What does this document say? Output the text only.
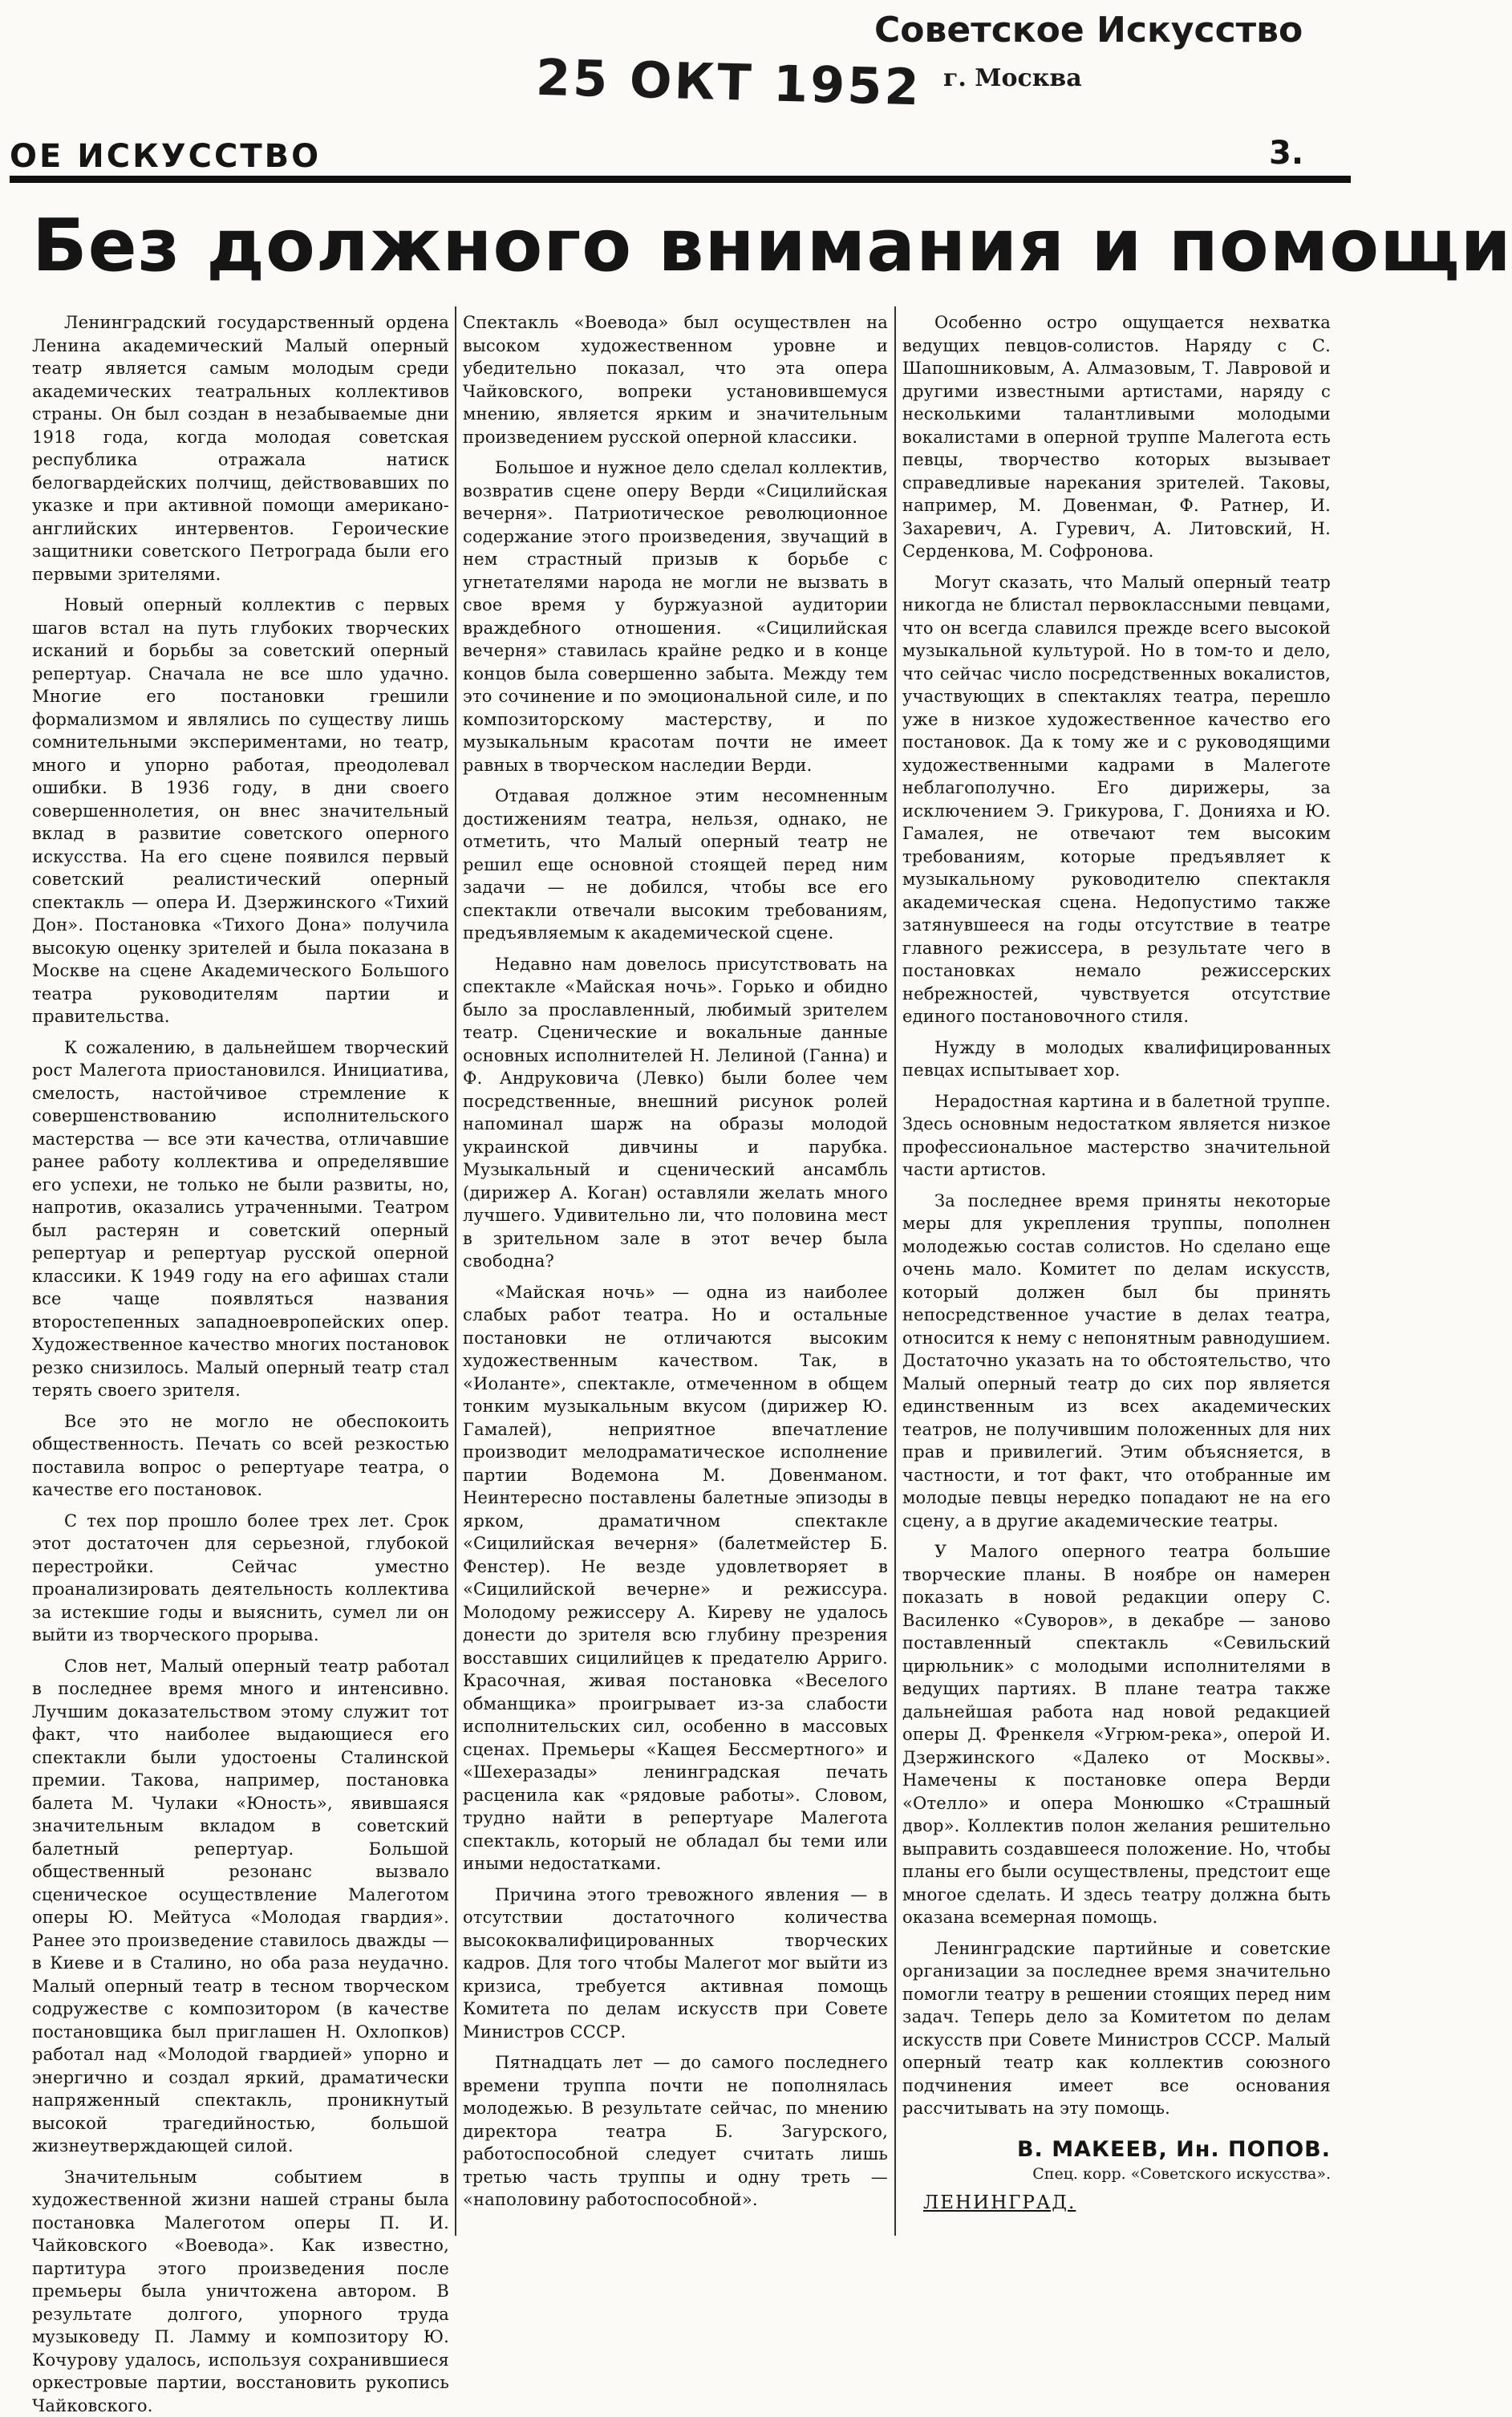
25 ОКТ 1952
Советское Искусство
г. Москва
ОЕ ИСКУССТВО	3.
Без должного внимания и помощи

Ленинградский государственный ордена Ленина академический Малый оперный театр является самым молодым среди академических театральных коллективов страны. Он был создан в незабываемые дни 1918 года, когда молодая советская республика отражала натиск белогвардейских полчищ, действовавших по указке и при активной помощи американо-английских интервентов. Героические защитники советского Петрограда были его первыми зрителями.

Новый оперный коллектив с первых шагов встал на путь глубоких творческих исканий и борьбы за советский оперный репертуар. Сначала не все шло удачно. Многие его постановки грешили формализмом и являлись по существу лишь сомнительными экспериментами, но театр, много и упорно работая, преодолевал ошибки. В 1936 году, в дни своего совершеннолетия, он внес значительный вклад в развитие советского оперного искусства. На его сцене появился первый советский реалистический оперный спектакль — опера И. Дзержинского «Тихий Дон». Постановка «Тихого Дона» получила высокую оценку зрителей и была показана в Москве на сцене Академического Большого театра руководителям партии и правительства.

К сожалению, в дальнейшем творческий рост Малегота приостановился. Инициатива, смелость, настойчивое стремление к совершенствованию исполнительского мастерства — все эти качества, отличавшие ранее работу коллектива и определявшие его успехи, не только не были развиты, но, напротив, оказались утраченными. Театром был растерян и советский оперный репертуар и репертуар русской оперной классики. К 1949 году на его афишах стали все чаще появляться названия второстепенных западноевропейских опер. Художественное качество многих постановок резко снизилось. Малый оперный театр стал терять своего зрителя.

Все это не могло не обеспокоить общественность. Печать со всей резкостью поставила вопрос о репертуаре театра, о качестве его постановок.

С тех пор прошло более трех лет. Срок этот достаточен для серьезной, глубокой перестройки. Сейчас уместно проанализировать деятельность коллектива за истекшие годы и выяснить, сумел ли он выйти из творческого прорыва.

Слов нет, Малый оперный театр работал в последнее время много и интенсивно. Лучшим доказательством этому служит тот факт, что наиболее выдающиеся его спектакли были удостоены Сталинской премии. Такова, например, постановка балета М. Чулаки «Юность», явившаяся значительным вкладом в советский балетный репертуар. Большой общественный резонанс вызвало сценическое осуществление Малеготом оперы Ю. Мейтуса «Молодая гвардия». Ранее это произведение ставилось дважды — в Киеве и в Сталино, но оба раза неудачно. Малый оперный театр в тесном творческом содружестве с композитором (в качестве постановщика был приглашен Н. Охлопков) работал над «Молодой гвардией» упорно и энергично и создал яркий, драматически напряженный спектакль, проникнутый высокой трагедийностью, большой жизнеутверждающей силой.

Значительным событием в художественной жизни нашей страны была постановка Малеготом оперы П. И. Чайковского «Воевода». Как известно, партитура этого произведения после премьеры была уничтожена автором. В результате долгого, упорного труда музыковеду П. Ламму и композитору Ю. Кочурову удалось, используя сохранившиеся оркестровые партии, восстановить рукопись Чайковского.

Спектакль «Воевода» был осуществлен на высоком художественном уровне и убедительно показал, что эта опера Чайковского, вопреки установившемуся мнению, является ярким и значительным произведением русской оперной классики.

Большое и нужное дело сделал коллектив, возвратив сцене оперу Верди «Сицилийская вечерня». Патриотическое революционное содержание этого произведения, звучащий в нем страстный призыв к борьбе с угнетателями народа не могли не вызвать в свое время у буржуазной аудитории враждебного отношения. «Сицилийская вечерня» ставилась крайне редко и в конце концов была совершенно забыта. Между тем это сочинение и по эмоциональной силе, и по композиторскому мастерству, и по музыкальным красотам почти не имеет равных в творческом наследии Верди.

Отдавая должное этим несомненным достижениям театра, нельзя, однако, не отметить, что Малый оперный театр не решил еще основной стоящей перед ним задачи — не добился, чтобы все его спектакли отвечали высоким требованиям, предъявляемым к академической сцене.

Недавно нам довелось присутствовать на спектакле «Майская ночь». Горько и обидно было за прославленный, любимый зрителем театр. Сценические и вокальные данные основных исполнителей Н. Лелиной (Ганна) и Ф. Андруковича (Левко) были более чем посредственные, внешний рисунок ролей напоминал шарж на образы молодой украинской дивчины и парубка. Музыкальный и сценический ансамбль (дирижер А. Коган) оставляли желать много лучшего. Удивительно ли, что половина мест в зрительном зале в этот вечер была свободна?

«Майская ночь» — одна из наиболее слабых работ театра. Но и остальные постановки не отличаются высоким художественным качеством. Так, в «Иоланте», спектакле, отмеченном в общем тонким музыкальным вкусом (дирижер Ю. Гамалей), неприятное впечатление производит мелодраматическое исполнение партии Водемона М. Довенманом. Неинтересно поставлены балетные эпизоды в ярком, драматичном спектакле «Сицилийская вечерня» (балетмейстер Б. Фенстер). Не везде удовлетворяет в «Сицилийской вечерне» и режиссура. Молодому режиссеру А. Киреву не удалось донести до зрителя всю глубину презрения восставших сицилийцев к предателю Арриго. Красочная, живая постановка «Веселого обманщика» проигрывает из-за слабости исполнительских сил, особенно в массовых сценах. Премьеры «Кащея Бессмертного» и «Шехеразады» ленинградская печать расценила как «рядовые работы». Словом, трудно найти в репертуаре Малегота спектакль, который не обладал бы теми или иными недостатками.

Причина этого тревожного явления — в отсутствии достаточного количества высококвалифицированных творческих кадров. Для того чтобы Малегот мог выйти из кризиса, требуется активная помощь Комитета по делам искусств при Совете Министров СССР.

Пятнадцать лет — до самого последнего времени труппа почти не пополнялась молодежью. В результате сейчас, по мнению директора театра Б. Загурского, работоспособной следует считать лишь третью часть труппы и одну треть — «наполовину работоспособной».

Особенно остро ощущается нехватка ведущих певцов-солистов. Наряду с С. Шапошниковым, А. Алмазовым, Т. Лавровой и другими известными артистами, наряду с несколькими талантливыми молодыми вокалистами в оперной труппе Малегота есть певцы, творчество которых вызывает справедливые нарекания зрителей. Таковы, например, М. Довенман, Ф. Ратнер, И. Захаревич, А. Гуревич, А. Литовский, Н. Серденкова, М. Софронова.

Могут сказать, что Малый оперный театр никогда не блистал первоклассными певцами, что он всегда славился прежде всего высокой музыкальной культурой. Но в том-то и дело, что сейчас число посредственных вокалистов, участвующих в спектаклях театра, перешло уже в низкое художественное качество его постановок. Да к тому же и с руководящими художественными кадрами в Малеготе неблагополучно. Его дирижеры, за исключением Э. Грикурова, Г. Донияха и Ю. Гамалея, не отвечают тем высоким требованиям, которые предъявляет к музыкальному руководителю спектакля академическая сцена. Недопустимо также затянувшееся на годы отсутствие в театре главного режиссера, в результате чего в постановках немало режиссерских небрежностей, чувствуется отсутствие единого постановочного стиля.

Нужду в молодых квалифицированных певцах испытывает хор.

Нерадостная картина и в балетной труппе. Здесь основным недостатком является низкое профессиональное мастерство значительной части артистов.

За последнее время приняты некоторые меры для укрепления труппы, пополнен молодежью состав солистов. Но сделано еще очень мало. Комитет по делам искусств, который должен был бы принять непосредственное участие в делах театра, относится к нему с непонятным равнодушием. Достаточно указать на то обстоятельство, что Малый оперный театр до сих пор является единственным из всех академических театров, не получившим положенных для них прав и привилегий. Этим объясняется, в частности, и тот факт, что отобранные им молодые певцы нередко попадают не на его сцену, а в другие академические театры.

У Малого оперного театра большие творческие планы. В ноябре он намерен показать в новой редакции оперу С. Василенко «Суворов», в декабре — заново поставленный спектакль «Севильский цирюльник» с молодыми исполнителями в ведущих партиях. В плане театра также дальнейшая работа над новой редакцией оперы Д. Френкеля «Угрюм-река», оперой И. Дзержинского «Далеко от Москвы». Намечены к постановке опера Верди «Отелло» и опера Монюшко «Страшный двор». Коллектив полон желания решительно выправить создавшееся положение. Но, чтобы планы его были осуществлены, предстоит еще многое сделать. И здесь театру должна быть оказана всемерная помощь.

Ленинградские партийные и советские организации за последнее время значительно помогли театру в решении стоящих перед ним задач. Теперь дело за Комитетом по делам искусств при Совете Министров СССР. Малый оперный театр как коллектив союзного подчинения имеет все основания рассчитывать на эту помощь.

В. МАКЕЕВ, Ин. ПОПОВ.
Спец. корр. «Советского искусства».
ЛЕНИНГРАД.
